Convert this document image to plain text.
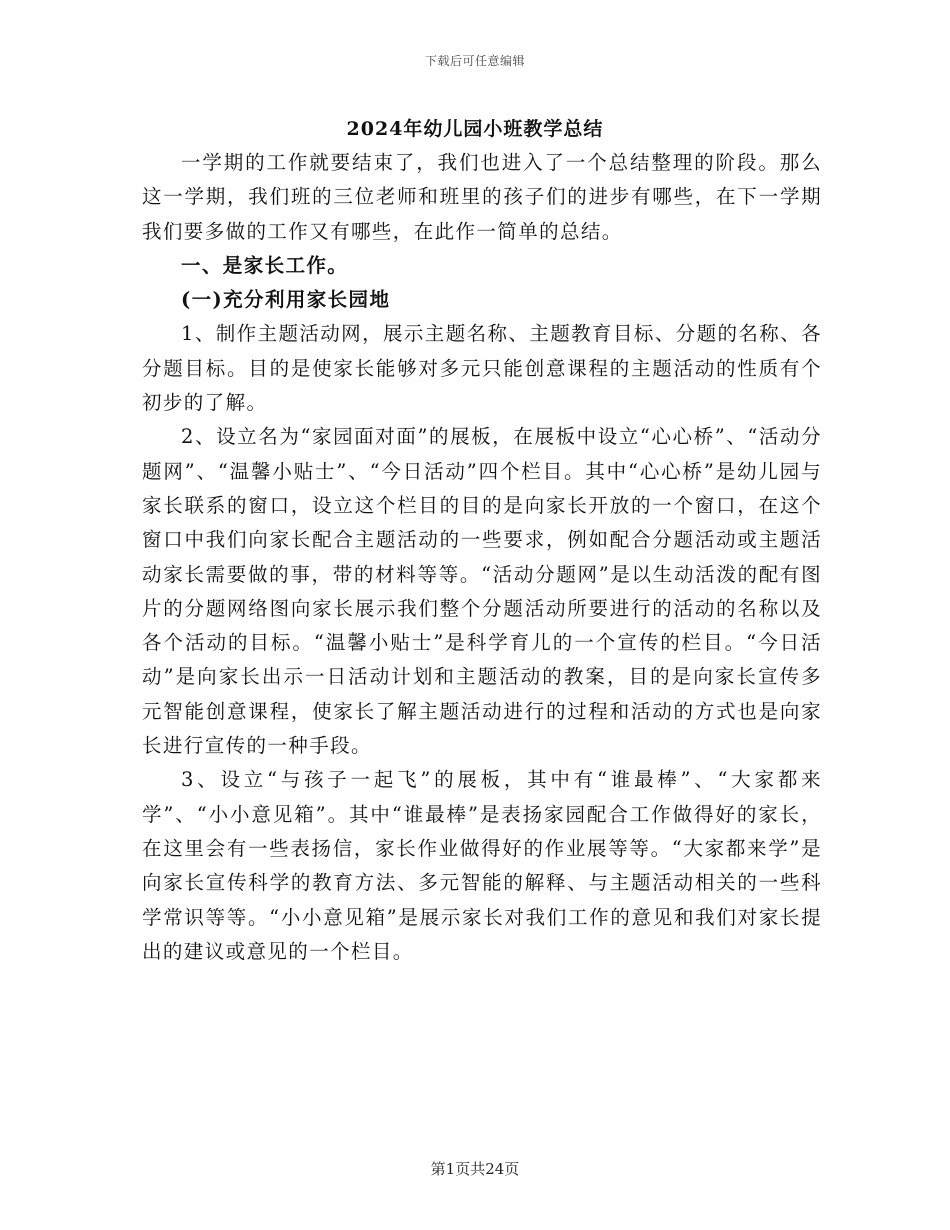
下载后可任意编辑
2024年幼儿园小班教学总结

一学期的工作就要结束了，我们也进入了一个总结整理的阶段。那么这一学期，我们班的三位老师和班里的孩子们的进步有哪些，在下一学期我们要多做的工作又有哪些，在此作一简单的总结。

一、是家长工作。

(一)充分利用家长园地

1、制作主题活动网，展示主题名称、主题教育目标、分题的名称、各分题目标。目的是使家长能够对多元只能创意课程的主题活动的性质有个初步的了解。

2、设立名为“家园面对面”的展板，在展板中设立“心心桥”、“活动分题网”、“温馨小贴士”、“今日活动”四个栏目。其中“心心桥”是幼儿园与家长联系的窗口，设立这个栏目的目的是向家长开放的一个窗口，在这个窗口中我们向家长配合主题活动的一些要求，例如配合分题活动或主题活动家长需要做的事，带的材料等等。“活动分题网”是以生动活泼的配有图片的分题网络图向家长展示我们整个分题活动所要进行的活动的名称以及各个活动的目标。“温馨小贴士”是科学育儿的一个宣传的栏目。“今日活动”是向家长出示一日活动计划和主题活动的教案，目的是向家长宣传多元智能创意课程，使家长了解主题活动进行的过程和活动的方式也是向家长进行宣传的一种手段。

3、设立“与孩子一起飞”的展板，其中有“谁最棒”、“大家都来学”、“小小意见箱”。其中“谁最棒”是表扬家园配合工作做得好的家长，在这里会有一些表扬信，家长作业做得好的作业展等等。“大家都来学”是向家长宣传科学的教育方法、多元智能的解释、与主题活动相关的一些科学常识等等。“小小意见箱”是展示家长对我们工作的意见和我们对家长提出的建议或意见的一个栏目。

第1页共24页
